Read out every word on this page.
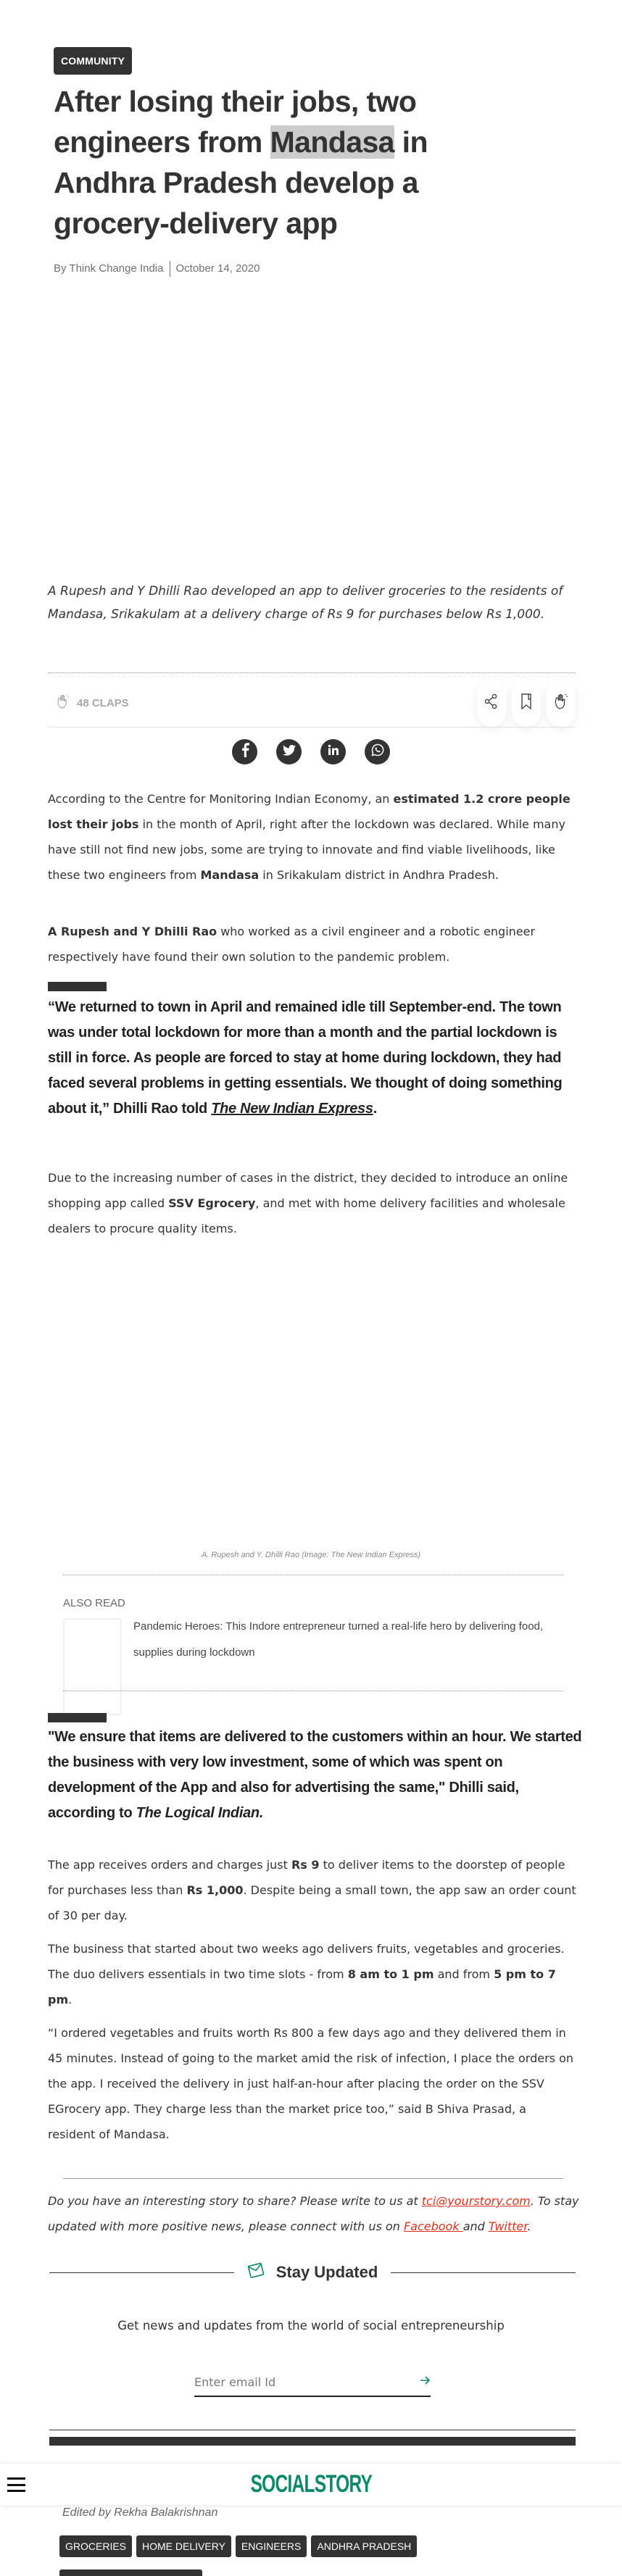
COMMUNITY
After losing their jobs, two engineers from Mandasa in Andhra Pradesh develop a grocery-delivery app
By Think Change India October 14, 2020

A Rupesh and Y Dhilli Rao developed an app to deliver groceries to the residents of Mandasa, Srikakulam at a delivery charge of Rs 9 for purchases below Rs 1,000.

48 CLAPS

According to the Centre for Monitoring Indian Economy, an estimated 1.2 crore people lost their jobs in the month of April, right after the lockdown was declared. While many have still not find new jobs, some are trying to innovate and find viable livelihoods, like these two engineers from Mandasa in Srikakulam district in Andhra Pradesh.

A Rupesh and Y Dhilli Rao who worked as a civil engineer and a robotic engineer respectively have found their own solution to the pandemic problem.

“We returned to town in April and remained idle till September-end. The town was under total lockdown for more than a month and the partial lockdown is still in force. As people are forced to stay at home during lockdown, they had faced several problems in getting essentials. We thought of doing something about it,” Dhilli Rao told The New Indian Express.

Due to the increasing number of cases in the district, they decided to introduce an online shopping app called SSV Egrocery, and met with home delivery facilities and wholesale dealers to procure quality items.

A. Rupesh and Y. Dhilli Rao (Image: The New Indian Express)
ALSO READ
Pandemic Heroes: This Indore entrepreneur turned a real-life hero by delivering food, supplies during lockdown
"We ensure that items are delivered to the customers within an hour. We started the business with very low investment, some of which was spent on development of the App and also for advertising the same," Dhilli said, according to The Logical Indian.

The app receives orders and charges just Rs 9 to deliver items to the doorstep of people for purchases less than Rs 1,000. Despite being a small town, the app saw an order count of 30 per day.

The business that started about two weeks ago delivers fruits, vegetables and groceries. The duo delivers essentials in two time slots - from 8 am to 1 pm and from 5 pm to 7 pm.

“I ordered vegetables and fruits worth Rs 800 a few days ago and they delivered them in 45 minutes. Instead of going to the market amid the risk of infection, I place the orders on the app. I received the delivery in just half-an-hour after placing the order on the SSV EGrocery app. They charge less than the market price too,” said B Shiva Prasad, a resident of Mandasa.

Do you have an interesting story to share? Please write to us at tci@yourstory.com. To stay updated with more positive news, please connect with us on Facebook and Twitter.

Stay Updated
Get news and updates from the world of social entrepreneurship
Enter email Id
Edited by Rekha Balakrishnan
SOCIALSTORY
GROCERIES	HOME DELIVERY	ENGINEERS	ANDHRA PRADESH
